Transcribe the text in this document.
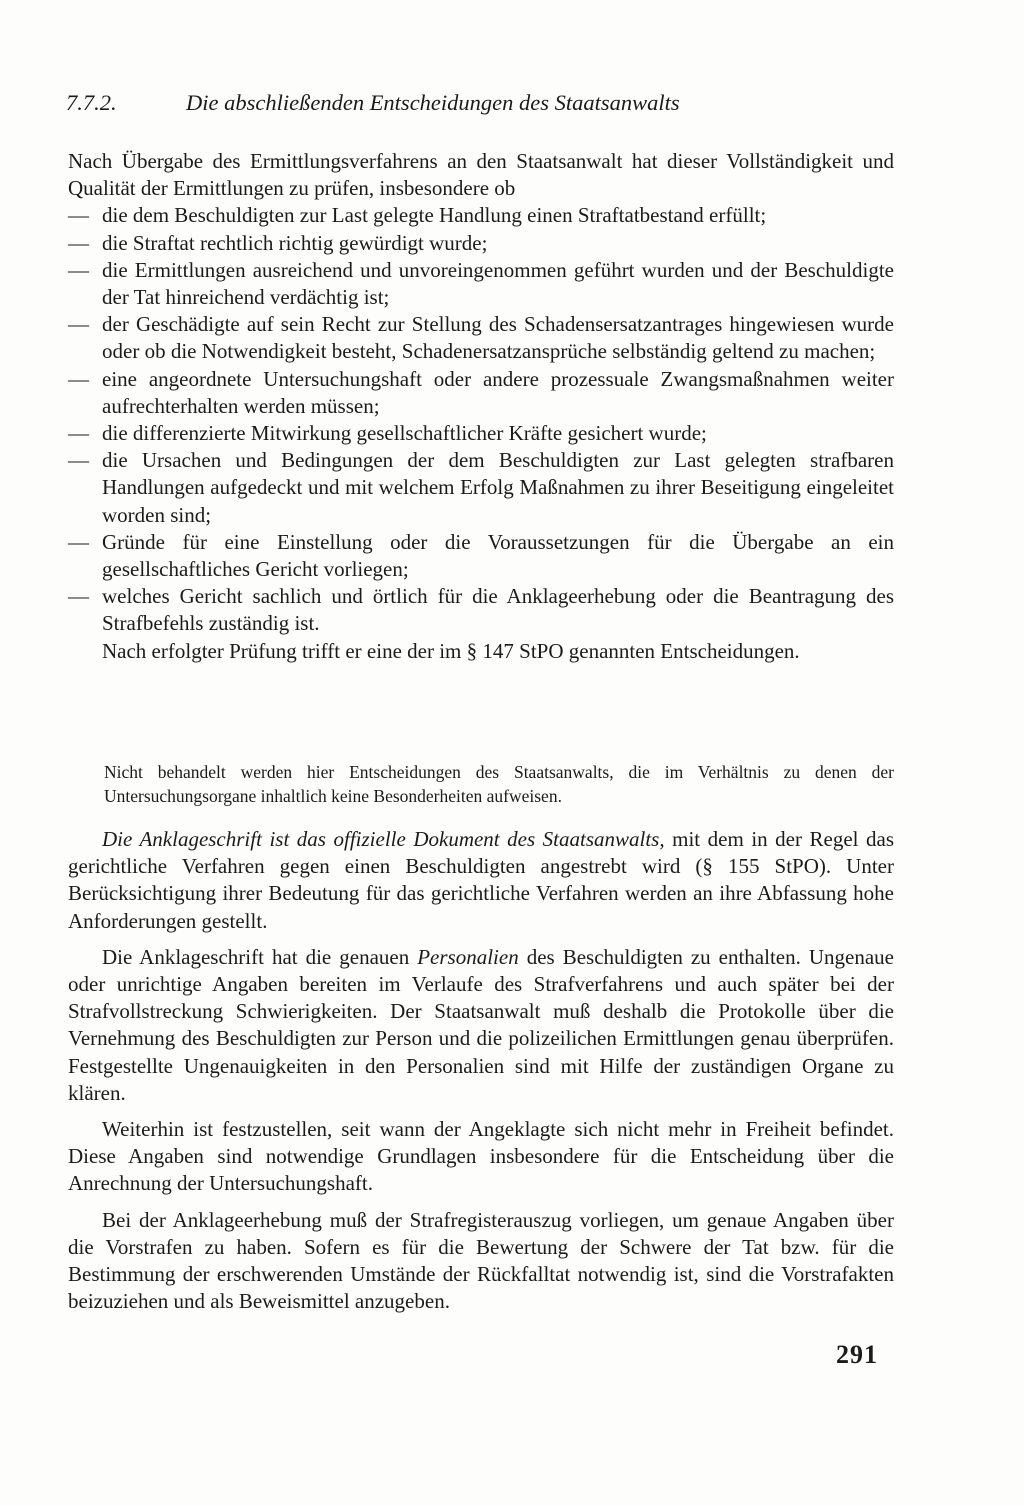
7.7.2.	Die abschließenden Entscheidungen des Staatsanwalts

Nach Übergabe des Ermittlungsverfahrens an den Staatsanwalt hat dieser Vollständigkeit und Qualität der Ermittlungen zu prüfen, insbesondere ob

— die dem Beschuldigten zur Last gelegte Handlung einen Straftatbestand erfüllt;
— die Straftat rechtlich richtig gewürdigt wurde;
— die Ermittlungen ausreichend und unvoreingenommen geführt wurden und der Beschuldigte der Tat hinreichend verdächtig ist;
— der Geschädigte auf sein Recht zur Stellung des Schadensersatzantrages hingewiesen wurde oder ob die Notwendigkeit besteht, Schadenersatzansprüche selbständig geltend zu machen;
— eine angeordnete Untersuchungshaft oder andere prozessuale Zwangsmaßnahmen weiter aufrechterhalten werden müssen;
— die differenzierte Mitwirkung gesellschaftlicher Kräfte gesichert wurde;
— die Ursachen und Bedingungen der dem Beschuldigten zur Last gelegten strafbaren Handlungen aufgedeckt und mit welchem Erfolg Maßnahmen zu ihrer Beseitigung eingeleitet worden sind;
— Gründe für eine Einstellung oder die Voraussetzungen für die Übergabe an ein gesellschaftliches Gericht vorliegen;
— welches Gericht sachlich und örtlich für die Anklageerhebung oder die Beantragung des Strafbefehls zuständig ist.

Nach erfolgter Prüfung trifft er eine der im § 147 StPO genannten Entscheidungen.

Nicht behandelt werden hier Entscheidungen des Staatsanwalts, die im Verhältnis zu denen der Untersuchungsorgane inhaltlich keine Besonderheiten aufweisen.

Die Anklageschrift ist das offizielle Dokument des Staatsanwalts, mit dem in der Regel das gerichtliche Verfahren gegen einen Beschuldigten angestrebt wird (§ 155 StPO). Unter Berücksichtigung ihrer Bedeutung für das gerichtliche Verfahren werden an ihre Abfassung hohe Anforderungen gestellt.

Die Anklageschrift hat die genauen Personalien des Beschuldigten zu enthalten. Ungenaue oder unrichtige Angaben bereiten im Verlaufe des Strafverfahrens und auch später bei der Strafvollstreckung Schwierigkeiten. Der Staatsanwalt muß deshalb die Protokolle über die Vernehmung des Beschuldigten zur Person und die polizeilichen Ermittlungen genau überprüfen. Festgestellte Ungenauigkeiten in den Personalien sind mit Hilfe der zuständigen Organe zu klären.

Weiterhin ist festzustellen, seit wann der Angeklagte sich nicht mehr in Freiheit befindet. Diese Angaben sind notwendige Grundlagen insbesondere für die Entscheidung über die Anrechnung der Untersuchungshaft.

Bei der Anklageerhebung muß der Strafregisterauszug vorliegen, um genaue Angaben über die Vorstrafen zu haben. Sofern es für die Bewertung der Schwere der Tat bzw. für die Bestimmung der erschwerenden Umstände der Rückfalltat notwendig ist, sind die Vorstrafakten beizuziehen und als Beweismittel anzugeben.

291
